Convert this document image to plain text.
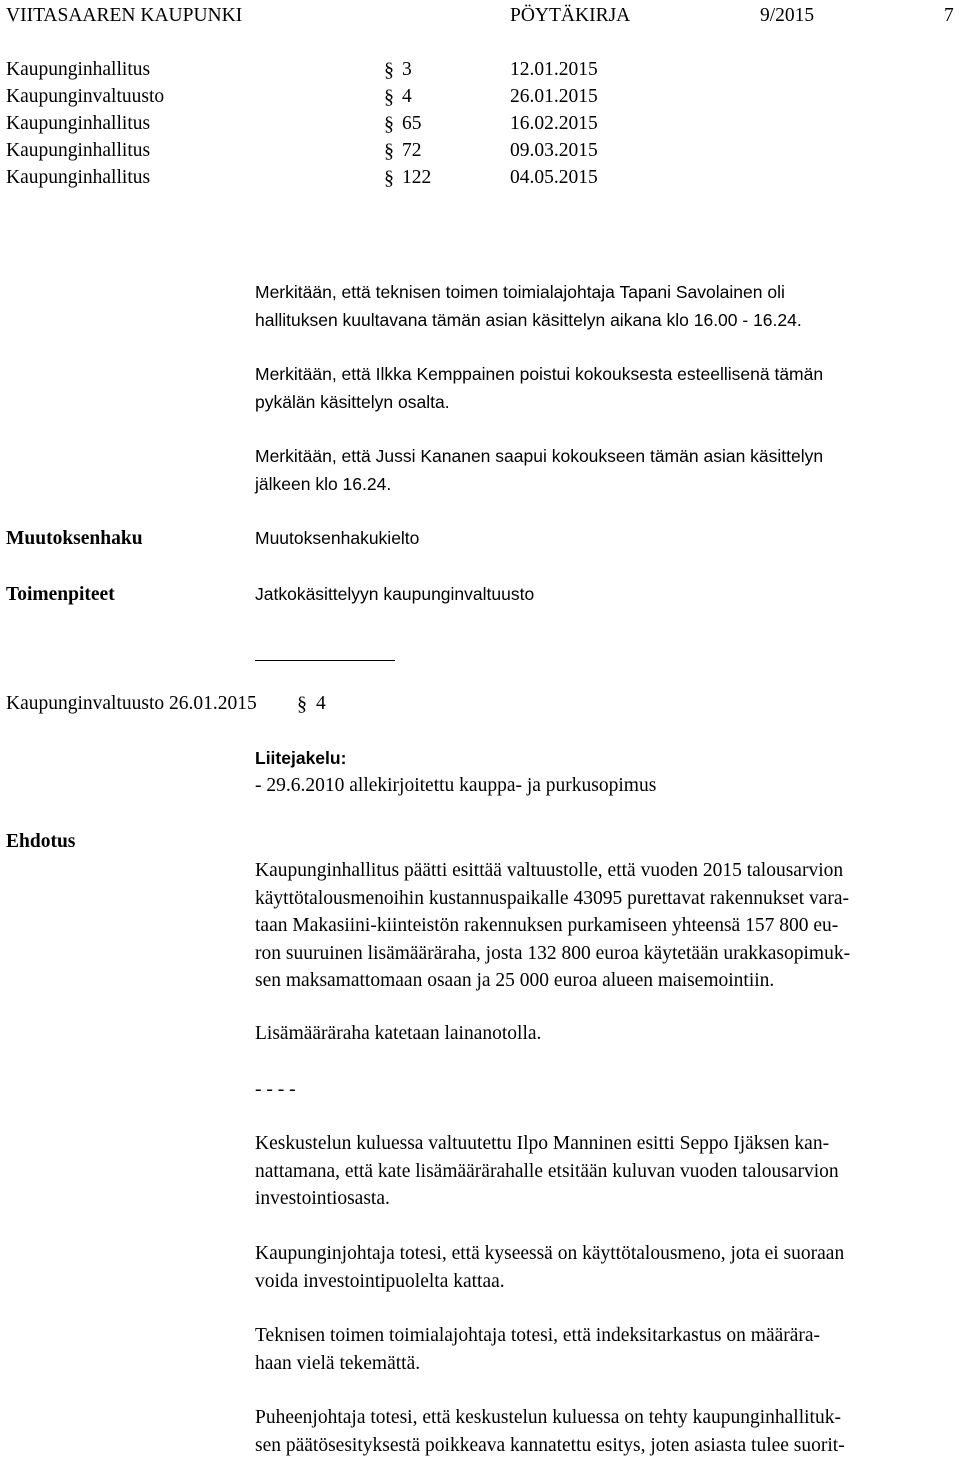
VIITASAAREN KAUPUNKI	PÖYTÄKIRJA	9/2015	7
Kaupunginhallitus	§ 3	12.01.2015
Kaupunginvaltuusto	§ 4	26.01.2015
Kaupunginhallitus	§ 65	16.02.2015
Kaupunginhallitus	§ 72	09.03.2015
Kaupunginhallitus	§ 122	04.05.2015
Merkitään, että teknisen toimen toimialajohtaja Tapani Savolainen oli
hallituksen kuultavana tämän asian käsittelyn aikana klo 16.00 - 16.24.
Merkitään, että Ilkka Kemppainen poistui kokouksesta esteellisenä tämän
pykälän käsittelyn osalta.
Merkitään, että Jussi Kananen saapui kokoukseen tämän asian käsittelyn
jälkeen klo 16.24.
Muutoksenhaku	Muutoksenhakukielto
Toimenpiteet	Jatkokäsittelyyn kaupunginvaltuusto
Kaupunginvaltuusto 26.01.2015 § 4
Liitejakelu:
- 29.6.2010 allekirjoitettu kauppa- ja purkusopimus
Ehdotus
Kaupunginhallitus päätti esittää valtuustolle, että vuoden 2015 talousarvion
käyttötalousmenoihin kustannuspaikalle 43095 purettavat rakennukset vara-
taan Makasiini-kiinteistön rakennuksen purkamiseen yhteensä 157 800 eu-
ron suuruinen lisämääräraha, josta 132 800 euroa käytetään urakkasopimuk-
sen maksamattomaan osaan ja 25 000 euroa alueen maisemointiin.
Lisämääräraha katetaan lainanotolla.
- - - -
Keskustelun kuluessa valtuutettu Ilpo Manninen esitti Seppo Ijäksen kan-
nattamana, että kate lisämäärärahalle etsitään kuluvan vuoden talousarvion
investointiosasta.
Kaupunginjohtaja totesi, että kyseessä on käyttötalousmeno, jota ei suoraan
voida investointipuolelta kattaa.
Teknisen toimen toimialajohtaja totesi, että indeksitarkastus on määrära-
haan vielä tekemättä.
Puheenjohtaja totesi, että keskustelun kuluessa on tehty kaupunginhallituk-
sen päätösesityksestä poikkeava kannatettu esitys, joten asiasta tulee suorit-
